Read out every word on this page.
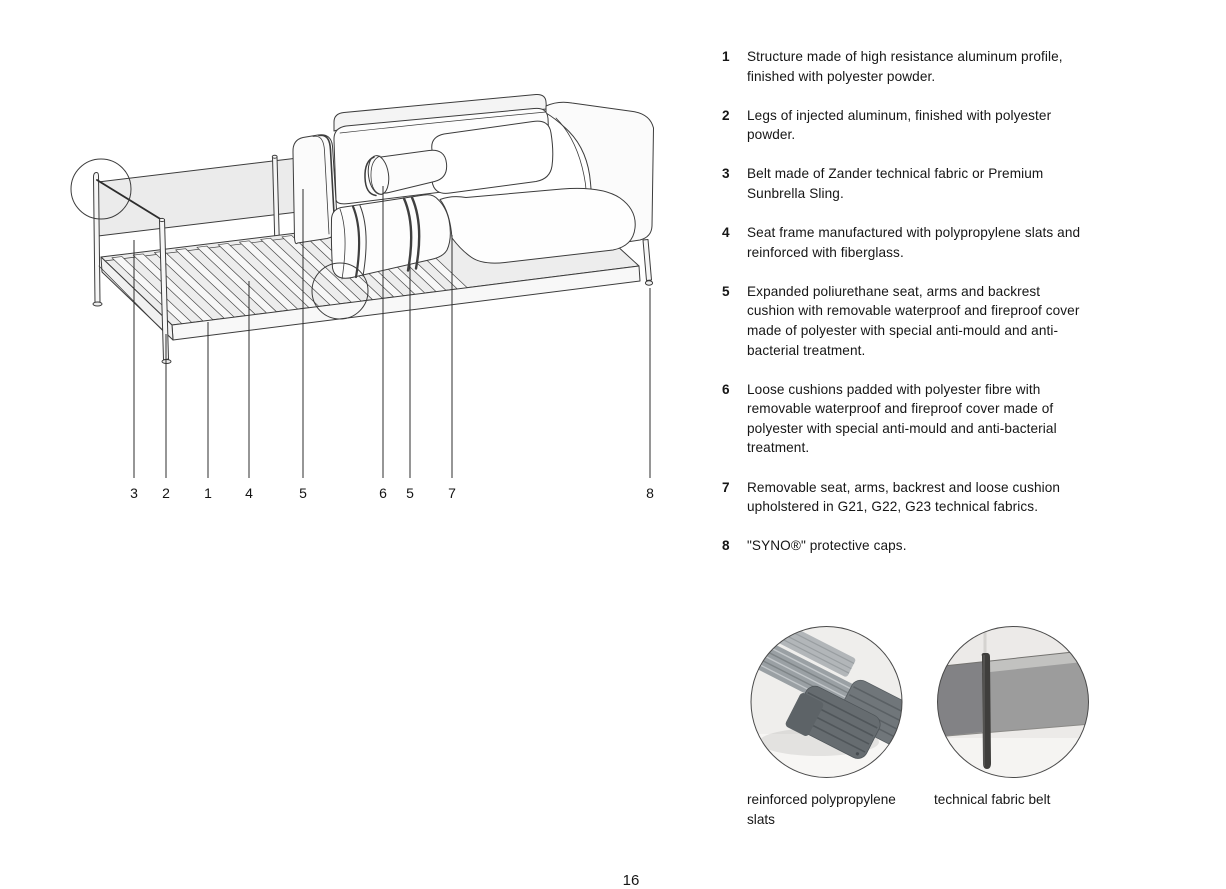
3 2 1 4	5	6 5 7	8
1	Structure made of high resistance aluminum profile, finished with polyester powder.
2	Legs of injected aluminum, finished with polyester powder.
3	Belt made of Zander technical fabric or Premium Sunbrella Sling.
4	Seat frame manufactured with polypropylene slats and reinforced with fiberglass.
5	Expanded poliurethane seat, arms and backrest cushion with removable waterproof and fireproof cover made of polyester with special anti-mould and anti-bacterial treatment.
6	Loose cushions padded with polyester fibre with removable waterproof and fireproof cover made of polyester with special anti-mould and anti-bacterial treatment.
7	Removable seat, arms, backrest and loose cushion upholstered in G21, G22, G23 technical fabrics.
8	"SYNO®" protective caps.
reinforced polypropylene slats
technical fabric belt
16
